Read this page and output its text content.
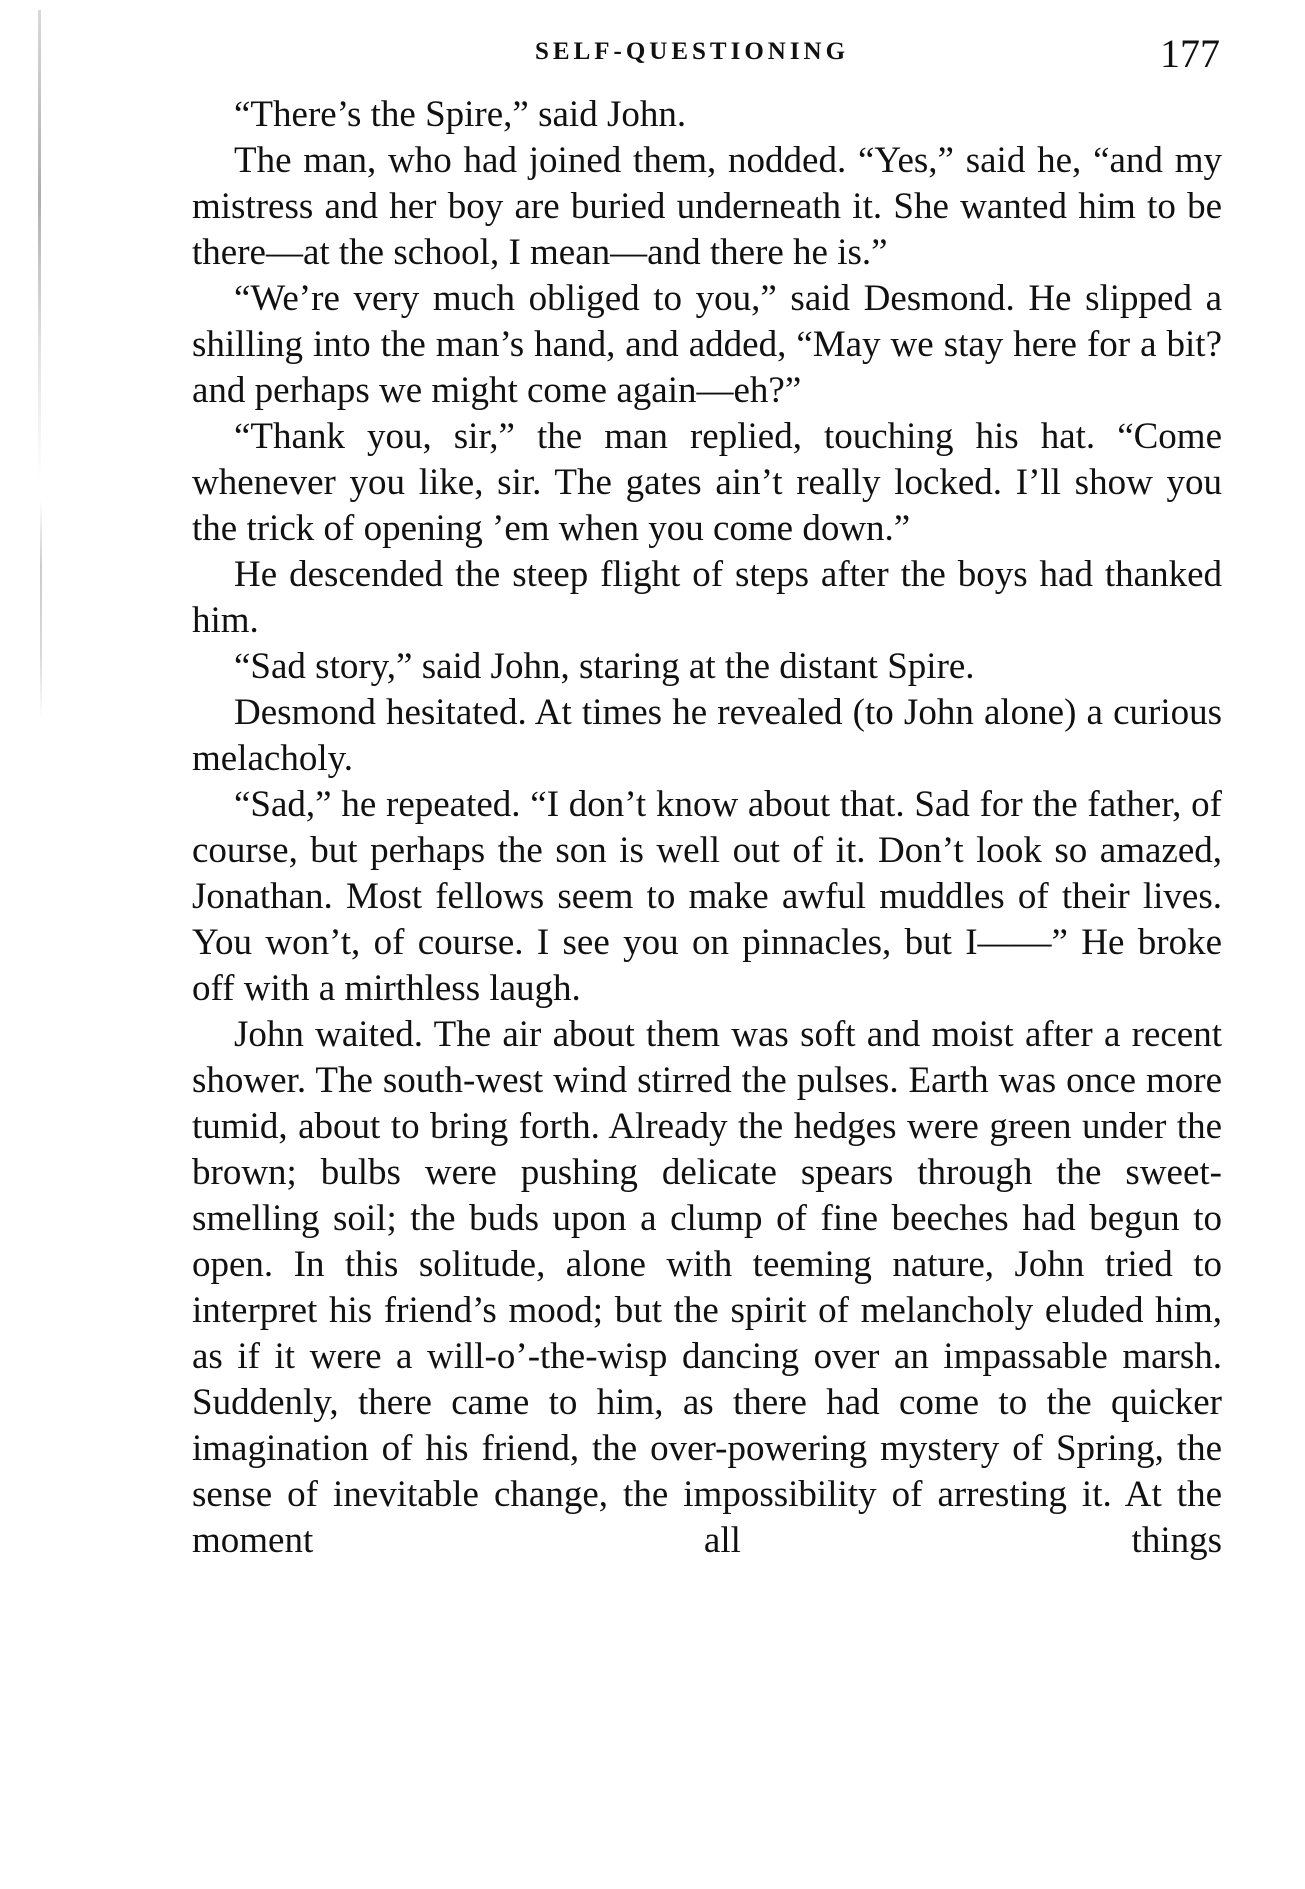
SELF-QUESTIONING	177

“There’s the Spire,” said John.

The man, who had joined them, nodded. “Yes,” said he, “and my mistress and her boy are buried underneath it. She wanted him to be there—at the school, I mean—and there he is.”

“We’re very much obliged to you,” said Desmond. He slipped a shilling into the man’s hand, and added, “May we stay here for a bit? and perhaps we might come again—eh?”

“Thank you, sir,” the man replied, touching his hat. “Come whenever you like, sir. The gates ain’t really locked. I’ll show you the trick of opening ’em when you come down.”

He descended the steep flight of steps after the boys had thanked him.

“Sad story,” said John, staring at the distant Spire.

Desmond hesitated. At times he revealed (to John alone) a curious melacholy.

“Sad,” he repeated. “I don’t know about that. Sad for the father, of course, but perhaps the son is well out of it. Don’t look so amazed, Jonathan. Most fellows seem to make awful muddles of their lives. You won’t, of course. I see you on pinnacles, but I——” He broke off with a mirthless laugh.

John waited. The air about them was soft and moist after a recent shower. The south-west wind stirred the pulses. Earth was once more tumid, about to bring forth. Already the hedges were green under the brown; bulbs were pushing delicate spears through the sweet-smelling soil; the buds upon a clump of fine beeches had begun to open. In this solitude, alone with teeming nature, John tried to interpret his friend’s mood; but the spirit of melancholy eluded him, as if it were a will-o’-the-wisp dancing over an impassable marsh. Suddenly, there came to him, as there had come to the quicker imagination of his friend, the over-powering mystery of Spring, the sense of inevitable change, the impossibility of arresting it. At the moment all things
